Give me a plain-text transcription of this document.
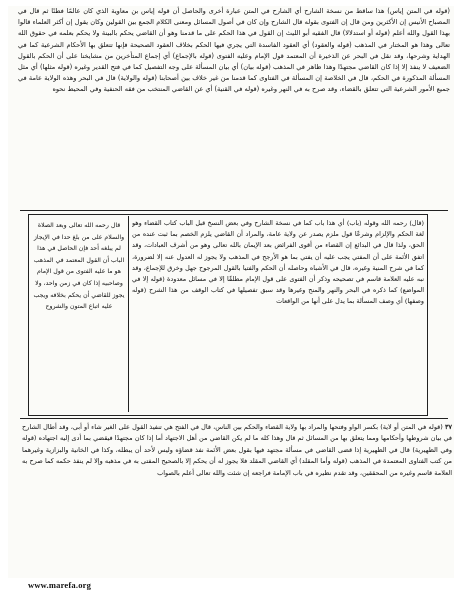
(قوله في المتن إياس) هذا ساقط من نسخة الشارح أي الشارح في المتن عبارة أخرى والحاصل أن قوله إياس بن معاوية الذي كان عالمًا فطنًا ثم قال في المصباح الأنيس إن الأكثرين ومن قال إن الفتوى بقوله قال الشارح وإن كان في أصول المسائل ومعنى الكلام الجمع بين القولين وكان يقول إن أكثر العلماء قالوا بهذا القول والله أعلم (قوله أو استدلالا) قال الفقيه أبو الليث إن القول في هذا الحكم على ما قدمنا وهو أن القاضي يحكم بالبينة ولا يحكم بعلمه في حقوق الله تعالى وهذا هو المختار في المذهب (قوله والعقود) أي العقود الفاسدة التي يجري فيها الحكم بخلاف العقود الصحيحة فإنها تتعلق بها الأحكام الشرعية كما في الهداية وشرحها، وقد نقل في البحر عن الذخيرة أن المعتمد قول الإمام وعليه الفتوى (قوله بالإجماع) أي إجماع المتأخرين من مشايخنا على أن الحكم بالقول الضعيف لا ينفذ إلا إذا كان القاضي مجتهدًا وهذا ظاهر في المذهب (قوله بيان) أي بيان المسألة على وجه التفصيل كما في فتح القدير وغيره (قوله مثلها) أي مثل المسألة المذكورة في الحكم، قال في الخلاصة إن المسألة في الفتاوى كما قدمنا من غير خلاف بين أصحابنا (قوله والولاية) قال في البحر وهذه الولاية عامة في جميع الأمور الشرعية التي تتعلق بالقضاء، وقد صرح به في النهر وغيره (قوله في القنية) أي عن القاضي المنتخب من فقه الحنفية وفي المحيط نحوه

قال رحمه الله تعالى وبعد الصلاة والسلام على من بلغ حدا في الإيجاز لم يبلغه أحد فإن الحاصل في هذا الباب أن القول المعتمد في المذهب هو ما عليه الفتوى من قول الإمام وصاحبيه إذا كان في زمن واحد، ولا يجوز للقاضي أن يحكم بخلافه ويجب عليه اتباع المتون والشروح
(قال) رحمه الله وقوله (باب) أي هذا باب كما في نسخة الشارح وفي بعض النسخ قبل الباب كتاب القضاء وهو لغة الحكم والإلزام وشرعًا قول ملزم يصدر عن ولاية عامة، والمراد أن القاضي يلزم الخصم بما ثبت عنده من الحق، ولذا قال في البدائع إن القضاء من أقوى الفرائض بعد الإيمان بالله تعالى وهو من أشرف العبادات، وقد اتفق الأئمة على أن المفتي يجب عليه أن يفتي بما هو الأرجح في المذهب ولا يجوز له العدول عنه إلا لضرورة، كما في شرح المنية وغيره، قال في الأشباه وحاصله أن الحكم والفتيا بالقول المرجوح جهل وخرق للإجماع، وقد نبه عليه العلامة قاسم في تصحيحه وذكر أن الفتوى على قول الإمام مطلقًا إلا في مسائل معدودة (قوله إلا في المواضع) كما ذكره في البحر والنهر والمنح وغيرها وقد سبق تفصيلها في كتاب الوقف من هذا الشرح (قوله وصفها) أي وصف المسألة بما يدل على أنها من الواقعات
٣٧ (قوله في المتن أو لاية) بكسر الواو وفتحها والمراد بها ولاية القضاء والحكم بين الناس، قال في الفتح هي تنفيذ القول على الغير شاء أو أبى، وقد أطال الشارح في بيان شروطها وأحكامها ومما يتعلق بها من المسائل ثم قال وهذا كله ما لم يكن القاضي من أهل الاجتهاد أما إذا كان مجتهدًا فيقضي بما أدى إليه اجتهاده (قوله وفي الظهيرية) قال في الظهيرية إذا قضى القاضي في مسألة مجتهد فيها بقول بعض الأئمة نفذ قضاؤه وليس لأحد أن يبطله، وكذا في الخانية والبزازية وغيرهما من كتب الفتاوى المعتمدة في المذهب (قوله وأما المقلد) أي القاضي المقلد فلا يجوز له أن يحكم إلا بالصحيح المفتى به في مذهبه وإلا لم ينفذ حكمه كما صرح به العلامة قاسم وغيره من المحققين، وقد تقدم نظيره في باب الإمامة فراجعه إن شئت والله تعالى أعلم بالصواب
www.marefa.org
